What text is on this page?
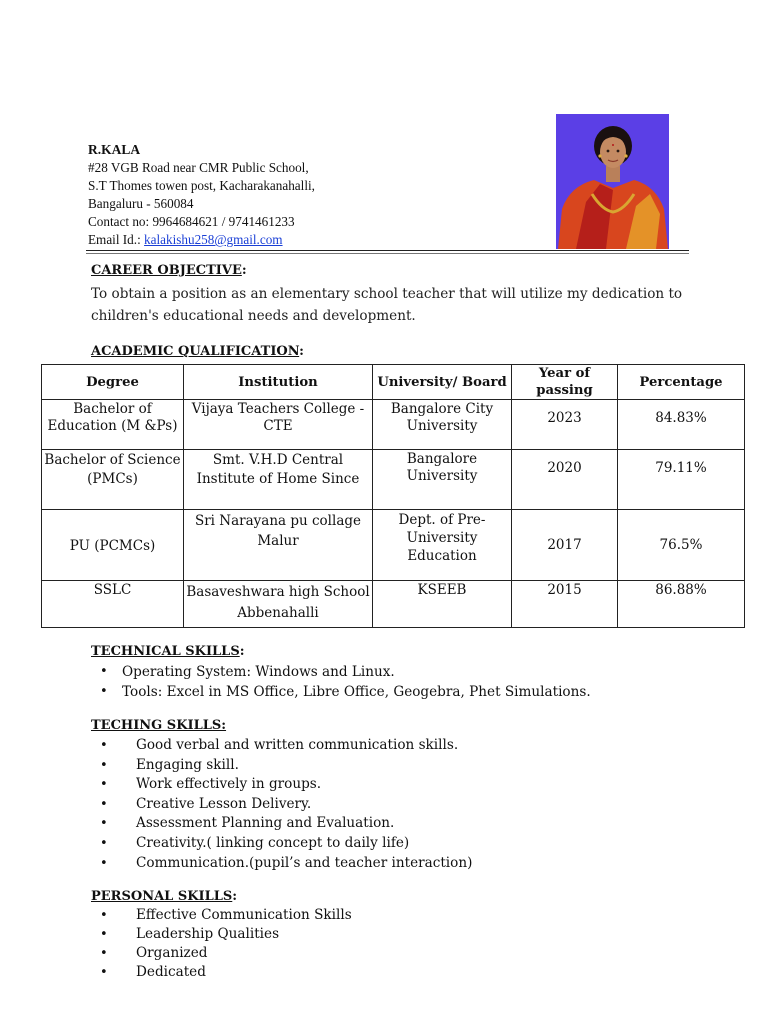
R.KALA
#28 VGB Road near CMR Public School,
S.T Thomes towen post, Kacharakanahalli,
Bangaluru - 560084
Contact no: 9964684621 / 9741461233
Email Id.: kalakishu258@gmail.com
CAREER OBJECTIVE:
To obtain a position as an elementary school teacher that will utilize my dedication to children's educational needs and development.
ACADEMIC QUALIFICATION:
Degree	Institution	University/ Board	Year of passing	Percentage
Bachelor of Education (M &Ps)	Vijaya Teachers College - CTE	Bangalore City University	2023	84.83%
Bachelor of Science (PMCs)	Smt. V.H.D Central Institute of Home Since	Bangalore University	2020	79.11%
PU (PCMCs)	Sri Narayana pu collage Malur	Dept. of Pre-University Education	2017	76.5%
SSLC	Basaveshwara high School Abbenahalli	KSEEB	2015	86.88%
TECHNICAL SKILLS:
• Operating System: Windows and Linux.
• Tools: Excel in MS Office, Libre Office, Geogebra, Phet Simulations.
TECHING SKILLS:
• Good verbal and written communication skills.
• Engaging skill.
• Work effectively in groups.
• Creative Lesson Delivery.
• Assessment Planning and Evaluation.
• Creativity.( linking concept to daily life)
• Communication.(pupil’s and teacher interaction)
PERSONAL SKILLS:
• Effective Communication Skills
• Leadership Qualities
• Organized
• Dedicated
